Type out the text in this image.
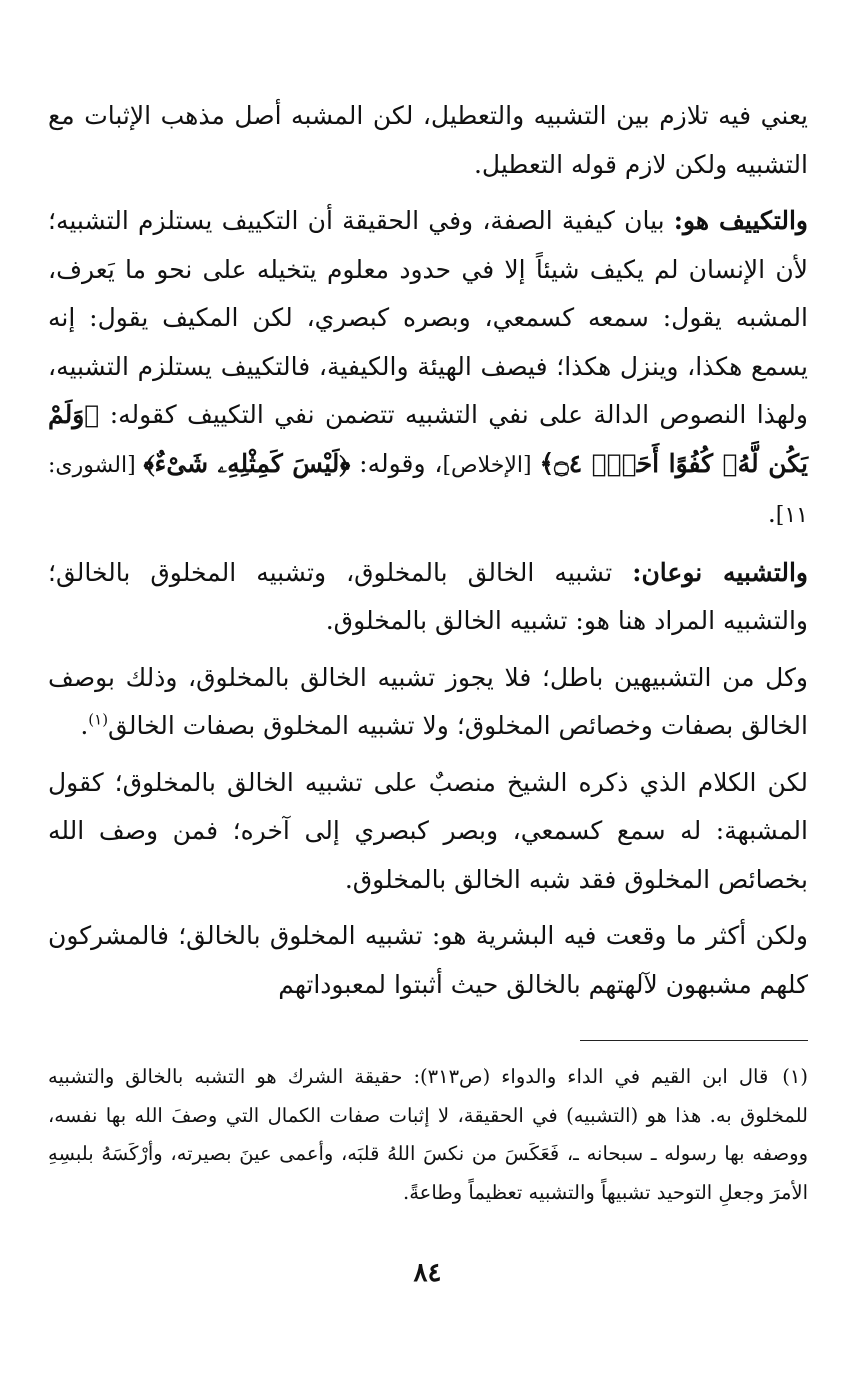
يعني فيه تلازم بين التشبيه والتعطيل، لكن المشبه أصل مذهب الإثبات مع التشبيه ولكن لازم قوله التعطيل.

والتكييف هو: بيان كيفية الصفة، وفي الحقيقة أن التكييف يستلزم التشبيه؛ لأن الإنسان لم يكيف شيئاً إلا في حدود معلوم يتخيله على نحو ما يَعرف، المشبه يقول: سمعه كسمعي، وبصره كبصري، لكن المكيف يقول: إنه يسمع هكذا، وينزل هكذا؛ فيصف الهيئة والكيفية، فالتكييف يستلزم التشبيه، ولهذا النصوص الدالة على نفي التشبيه تتضمن نفي التكييف كقوله: ﴿وَلَمْ يَكُن لَّهُۥ كُفُوًا أَحَدٌۢ ۝٤﴾ [الإخلاص]، وقوله: ﴿لَيْسَ كَمِثْلِهِۦ شَىْءٌ﴾ [الشورى: ١١].

والتشبيه نوعان: تشبيه الخالق بالمخلوق، وتشبيه المخلوق بالخالق؛ والتشبيه المراد هنا هو: تشبيه الخالق بالمخلوق.

وكل من التشبيهين باطل؛ فلا يجوز تشبيه الخالق بالمخلوق، وذلك بوصف الخالق بصفات وخصائص المخلوق؛ ولا تشبيه المخلوق بصفات الخالق$^{(١)}$.

لكن الكلام الذي ذكره الشيخ منصبٌ على تشبيه الخالق بالمخلوق؛ كقول المشبهة: له سمع كسمعي، وبصر كبصري إلى آخره؛ فمن وصف الله بخصائص المخلوق فقد شبه الخالق بالمخلوق.

ولكن أكثر ما وقعت فيه البشرية هو: تشبيه المخلوق بالخالق؛ فالمشركون كلهم مشبهون لآلهتهم بالخالق حيث أثبتوا لمعبوداتهم

(١)قال ابن القيم في الداء والدواء (ص٣١٣): حقيقة الشرك هو التشبه بالخالق والتشبيه للمخلوق به. هذا هو (التشبيه) في الحقيقة، لا إثبات صفات الكمال التي وصفَ الله بها نفسه، ووصفه بها رسوله ـ سبحانه ـ، فَعَكَسَ من نكسَ اللهُ قلبَه، وأعمى عينَ بصيرته، وأرْكَسَهُ بلبسِهِ الأمرَ وجعلِ التوحيد تشبيهاً والتشبيه تعظيماً وطاعةً.
٨٤
